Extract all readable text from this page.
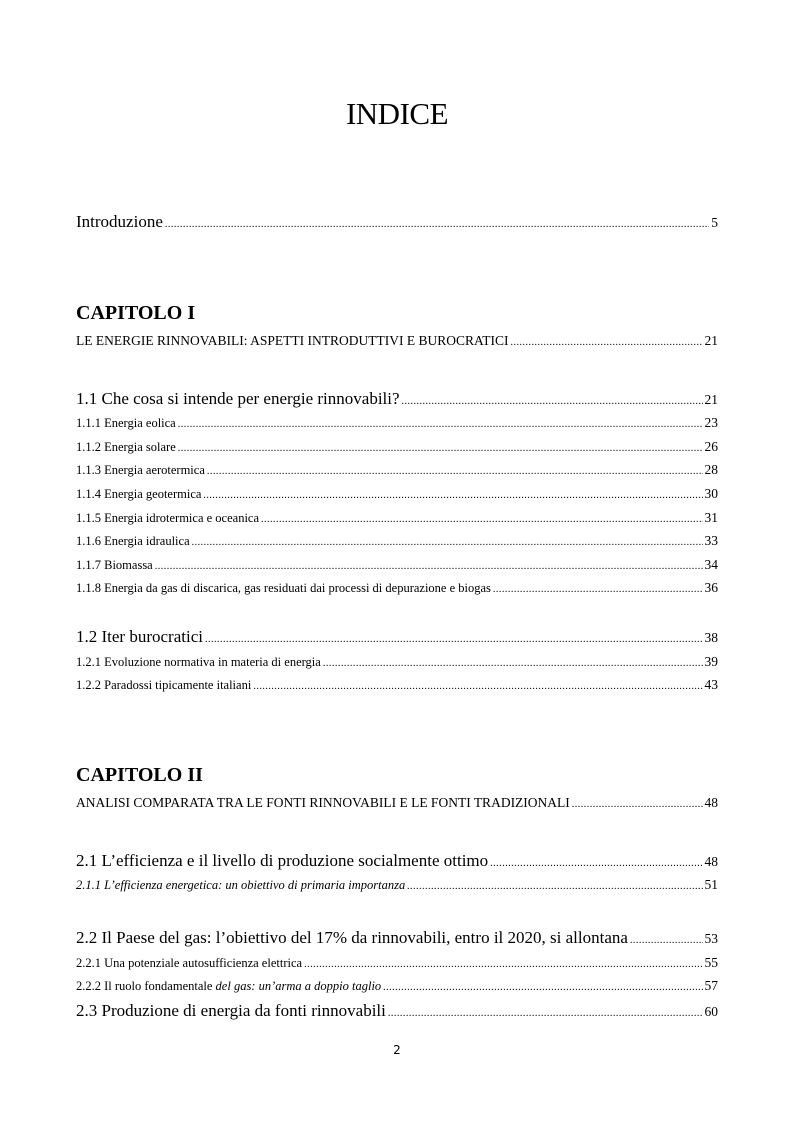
INDICE
Introduzione .....	5
CAPITOLO I
LE ENERGIE RINNOVABILI: ASPETTI INTRODUTTIVI E BUROCRATICI .....	21
1.1 Che cosa si intende per energie rinnovabili? .....	21
1.1.1 Energia eolica .....	23
1.1.2 Energia solare .....	26
1.1.3 Energia aerotermica .....	28
1.1.4 Energia geotermica .....	30
1.1.5 Energia idrotermica e oceanica .....	31
1.1.6 Energia idraulica .....	33
1.1.7 Biomassa .....	34
1.1.8 Energia da gas di discarica, gas residuati dai processi di depurazione e biogas .....	36
1.2 Iter burocratici .....	38
1.2.1 Evoluzione normativa in materia di energia .....	39
1.2.2 Paradossi tipicamente italiani .....	43
CAPITOLO II
ANALISI COMPARATA TRA LE FONTI RINNOVABILI E LE FONTI TRADIZIONALI .....	48
2.1 L’efficienza e il livello di produzione socialmente ottimo .....	48
2.1.1 L’efficienza energetica: un obiettivo di primaria importanza .....	51
2.2 Il Paese del gas: l’obiettivo del 17% da rinnovabili, entro il 2020, si allontana .....	53
2.2.1 Una potenziale autosufficienza elettrica .....	55
2.2.2 Il ruolo fondamentale del gas: un’arma a doppio taglio .....	57
2.3 Produzione di energia da fonti rinnovabili .....	60
2
